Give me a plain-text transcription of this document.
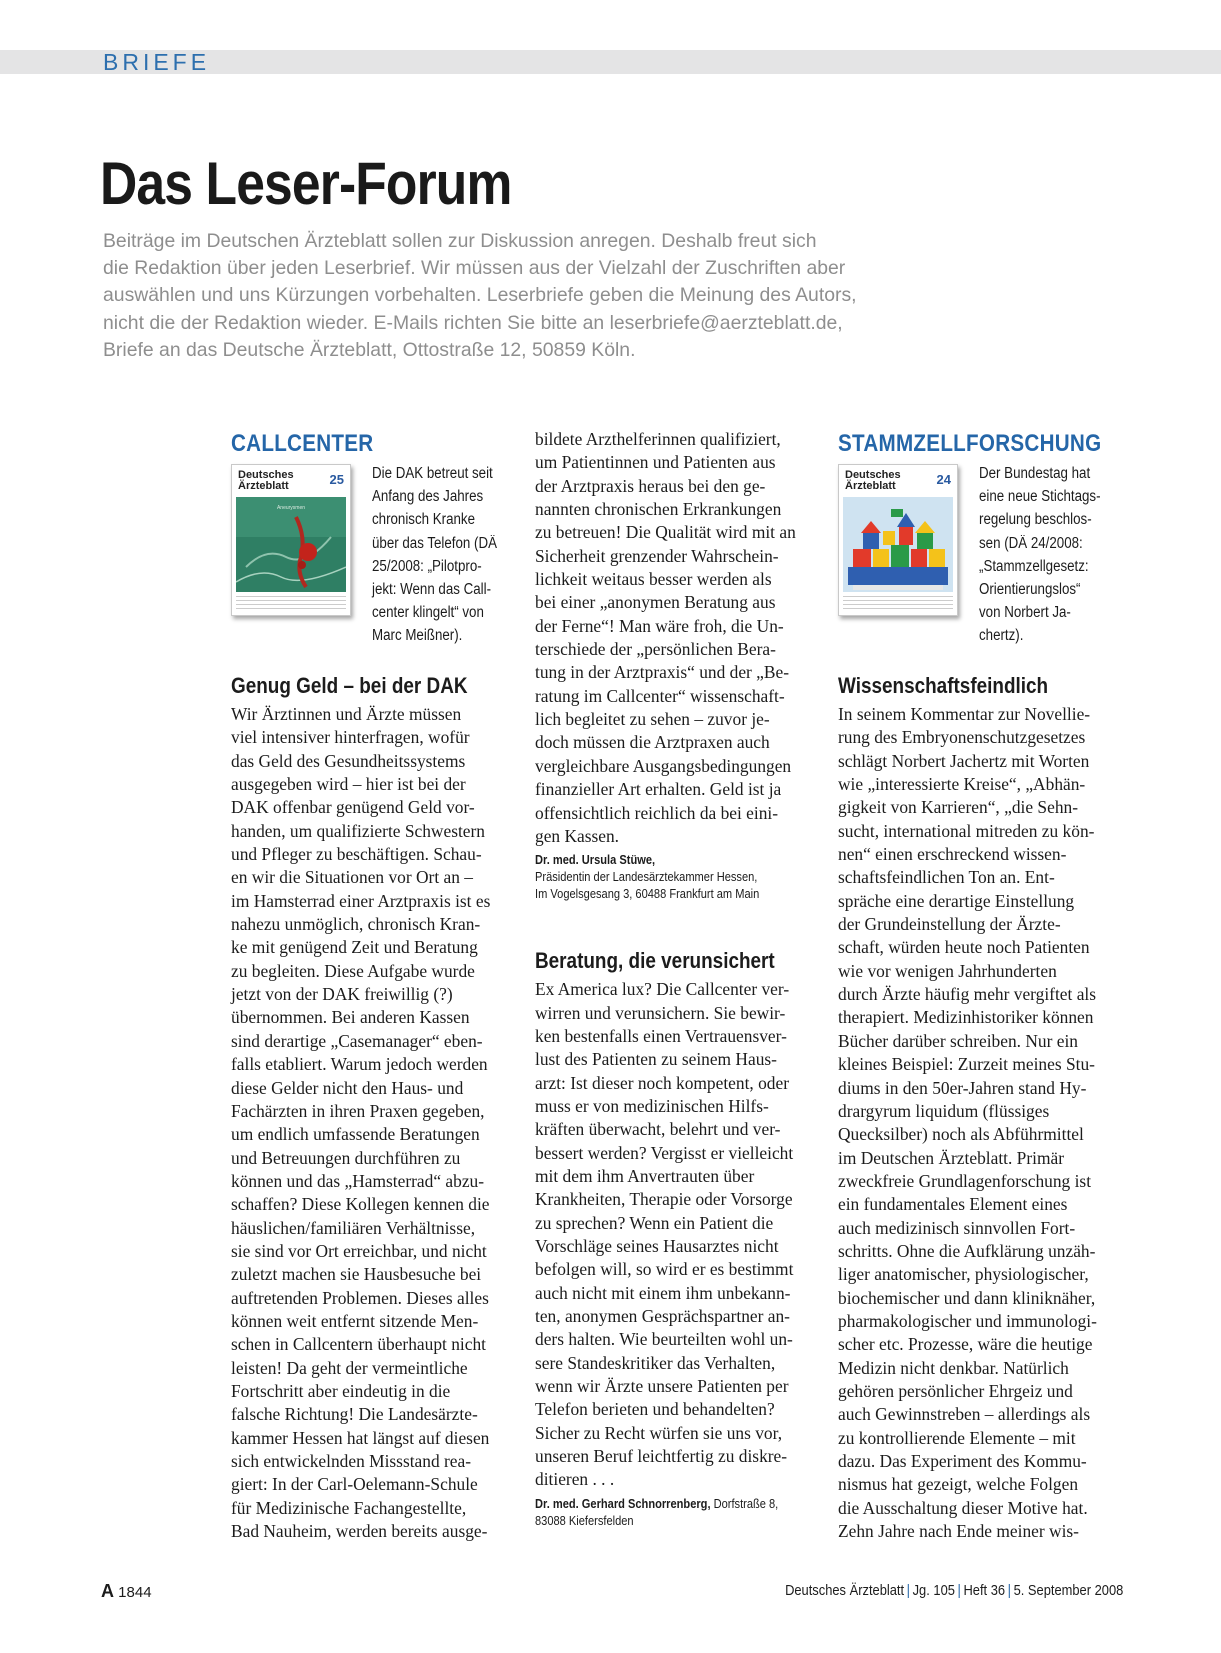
BRIEFE
Das Leser-Forum
Beiträge im Deutschen Ärzteblatt sollen zur Diskussion anregen. Deshalb freut sich
die Redaktion über jeden Leserbrief. Wir müssen aus der Vielzahl der Zuschriften aber
auswählen und uns Kürzungen vorbehalten. Leserbriefe geben die Meinung des Autors,
nicht die der Redaktion wieder. E-Mails richten Sie bitte an leserbriefe@aerzteblatt.de,
Briefe an das Deutsche Ärzteblatt, Ottostraße 12, 50859 Köln.
CALLCENTER
Deutsches
Ärzteblatt	25
Aneurysmen
Die DAK betreut seit
Anfang des Jahres
chronisch Kranke
über das Telefon (DÄ
25/2008: „Pilotpro-
jekt: Wenn das Call-
center klingelt“ von
Marc Meißner).
Genug Geld – bei der DAK
Wir Ärztinnen und Ärzte müssen
viel intensiver hinterfragen, wofür
das Geld des Gesundheitssystems
ausgegeben wird – hier ist bei der
DAK offenbar genügend Geld vor-
handen, um qualifizierte Schwestern
und Pfleger zu beschäftigen. Schau-
en wir die Situationen vor Ort an –
im Hamsterrad einer Arztpraxis ist es
nahezu unmöglich, chronisch Kran-
ke mit genügend Zeit und Beratung
zu begleiten. Diese Aufgabe wurde
jetzt von der DAK freiwillig (?)
übernommen. Bei anderen Kassen
sind derartige „Casemanager“ eben-
falls etabliert. Warum jedoch werden
diese Gelder nicht den Haus- und
Fachärzten in ihren Praxen gegeben,
um endlich umfassende Beratungen
und Betreuungen durchführen zu
können und das „Hamsterrad“ abzu-
schaffen? Diese Kollegen kennen die
häuslichen/familiären Verhältnisse,
sie sind vor Ort erreichbar, und nicht
zuletzt machen sie Hausbesuche bei
auftretenden Problemen. Dieses alles
können weit entfernt sitzende Men-
schen in Callcentern überhaupt nicht
leisten! Da geht der vermeintliche
Fortschritt aber eindeutig in die
falsche Richtung! Die Landesärzte-
kammer Hessen hat längst auf diesen
sich entwickelnden Missstand rea-
giert: In der Carl-Oelemann-Schule
für Medizinische Fachangestellte,
Bad Nauheim, werden bereits ausge-
bildete Arzthelferinnen qualifiziert,
um Patientinnen und Patienten aus
der Arztpraxis heraus bei den ge-
nannten chronischen Erkrankungen
zu betreuen! Die Qualität wird mit an
Sicherheit grenzender Wahrschein-
lichkeit weitaus besser werden als
bei einer „anonymen Beratung aus
der Ferne“! Man wäre froh, die Un-
terschiede der „persönlichen Bera-
tung in der Arztpraxis“ und der „Be-
ratung im Callcenter“ wissenschaft-
lich begleitet zu sehen – zuvor je-
doch müssen die Arztpraxen auch
vergleichbare Ausgangsbedingungen
finanzieller Art erhalten. Geld ist ja
offensichtlich reichlich da bei eini-
gen Kassen.
Dr. med. Ursula Stüwe,
Präsidentin der Landesärztekammer Hessen,
Im Vogelsgesang 3, 60488 Frankfurt am Main
Beratung, die verunsichert
Ex America lux? Die Callcenter ver-
wirren und verunsichern. Sie bewir-
ken bestenfalls einen Vertrauensver-
lust des Patienten zu seinem Haus-
arzt: Ist dieser noch kompetent, oder
muss er von medizinischen Hilfs-
kräften überwacht, belehrt und ver-
bessert werden? Vergisst er vielleicht
mit dem ihm Anvertrauten über
Krankheiten, Therapie oder Vorsorge
zu sprechen? Wenn ein Patient die
Vorschläge seines Hausarztes nicht
befolgen will, so wird er es bestimmt
auch nicht mit einem ihm unbekann-
ten, anonymen Gesprächspartner an-
ders halten. Wie beurteilten wohl un-
sere Standeskritiker das Verhalten,
wenn wir Ärzte unsere Patienten per
Telefon berieten und behandelten?
Sicher zu Recht würfen sie uns vor,
unseren Beruf leichtfertig zu diskre-
ditieren . . .
Dr. med. Gerhard Schnorrenberg, Dorfstraße 8,
83088 Kiefersfelden
STAMMZELLFORSCHUNG
Deutsches
Ärzteblatt	24 Der Bundestag hat
eine neue Stichtags-
regelung beschlos-
sen (DÄ 24/2008:
„Stammzellgesetz:
Orientierungslos“
von Norbert Ja-
chertz).
Wissenschaftsfeindlich
In seinem Kommentar zur Novellie-
rung des Embryonenschutzgesetzes
schlägt Norbert Jachertz mit Worten
wie „interessierte Kreise“, „Abhän-
gigkeit von Karrieren“, „die Sehn-
sucht, international mitreden zu kön-
nen“ einen erschreckend wissen-
schaftsfeindlichen Ton an. Ent-
spräche eine derartige Einstellung
der Grundeinstellung der Ärzte-
schaft, würden heute noch Patienten
wie vor wenigen Jahrhunderten
durch Ärzte häufig mehr vergiftet als
therapiert. Medizinhistoriker können
Bücher darüber schreiben. Nur ein
kleines Beispiel: Zurzeit meines Stu-
diums in den 50er-Jahren stand Hy-
drargyrum liquidum (flüssiges
Quecksilber) noch als Abführmittel
im Deutschen Ärzteblatt. Primär
zweckfreie Grundlagenforschung ist
ein fundamentales Element eines
auch medizinisch sinnvollen Fort-
schritts. Ohne die Aufklärung unzäh-
liger anatomischer, physiologischer,
biochemischer und dann kliniknäher,
pharmakologischer und immunologi-
scher etc. Prozesse, wäre die heutige
Medizin nicht denkbar. Natürlich
gehören persönlicher Ehrgeiz und
auch Gewinnstreben – allerdings als
zu kontrollierende Elemente – mit
dazu. Das Experiment des Kommu-
nismus hat gezeigt, welche Folgen
die Ausschaltung dieser Motive hat.
Zehn Jahre nach Ende meiner wis-
A 1844	Deutsches Ärzteblatt | Jg. 105 | Heft 36 | 5. September 2008
